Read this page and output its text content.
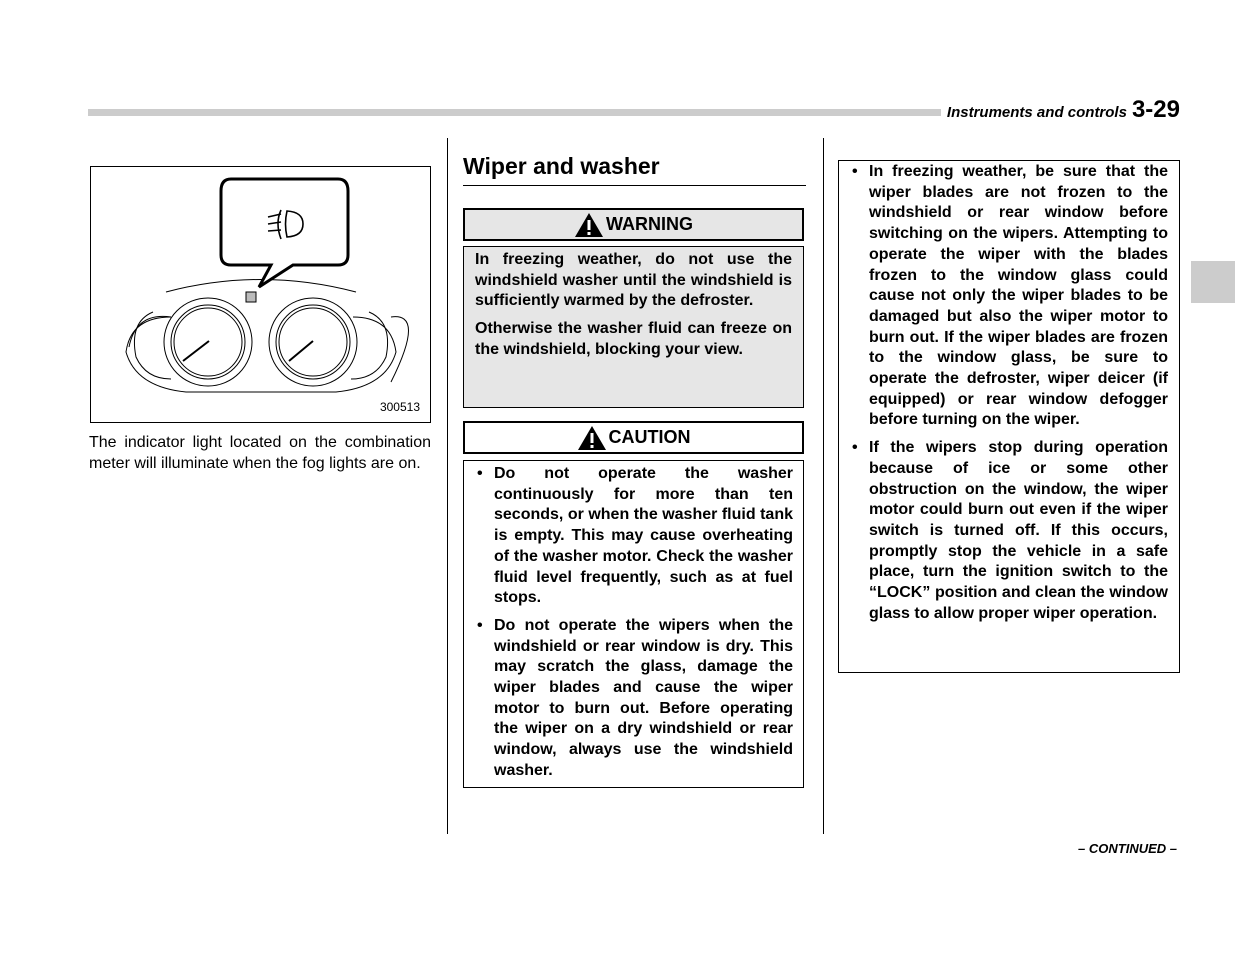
Instruments and controls 3-29
300513
The indicator light located on the combination meter will illuminate when the fog lights are on.
Wiper and washer
WARNING

In freezing weather, do not use the windshield washer until the windshield is sufficiently warmed by the defroster.

Otherwise the washer fluid can freeze on the windshield, blocking your view.

CAUTION
• Do not operate the washer continuously for more than ten seconds, or when the washer fluid tank is empty. This may cause overheating of the washer motor. Check the washer fluid level frequently, such as at fuel stops.
• Do not operate the wipers when the windshield or rear window is dry. This may scratch the glass, damage the wiper blades and cause the wiper motor to burn out. Before operating the wiper on a dry windshield or rear window, always use the windshield washer.
• In freezing weather, be sure that the wiper blades are not frozen to the windshield or rear window before switching on the wipers. Attempting to operate the wiper with the blades frozen to the window glass could cause not only the wiper blades to be damaged but also the wiper motor to burn out. If the wiper blades are frozen to the window glass, be sure to operate the defroster, wiper deicer (if equipped) or rear window defogger before turning on the wiper.
• If the wipers stop during operation because of ice or some other obstruction on the window, the wiper motor could burn out even if the wiper switch is turned off. If this occurs, promptly stop the vehicle in a safe place, turn the ignition switch to the “LOCK” position and clean the window glass to allow proper wiper operation.
– CONTINUED –
